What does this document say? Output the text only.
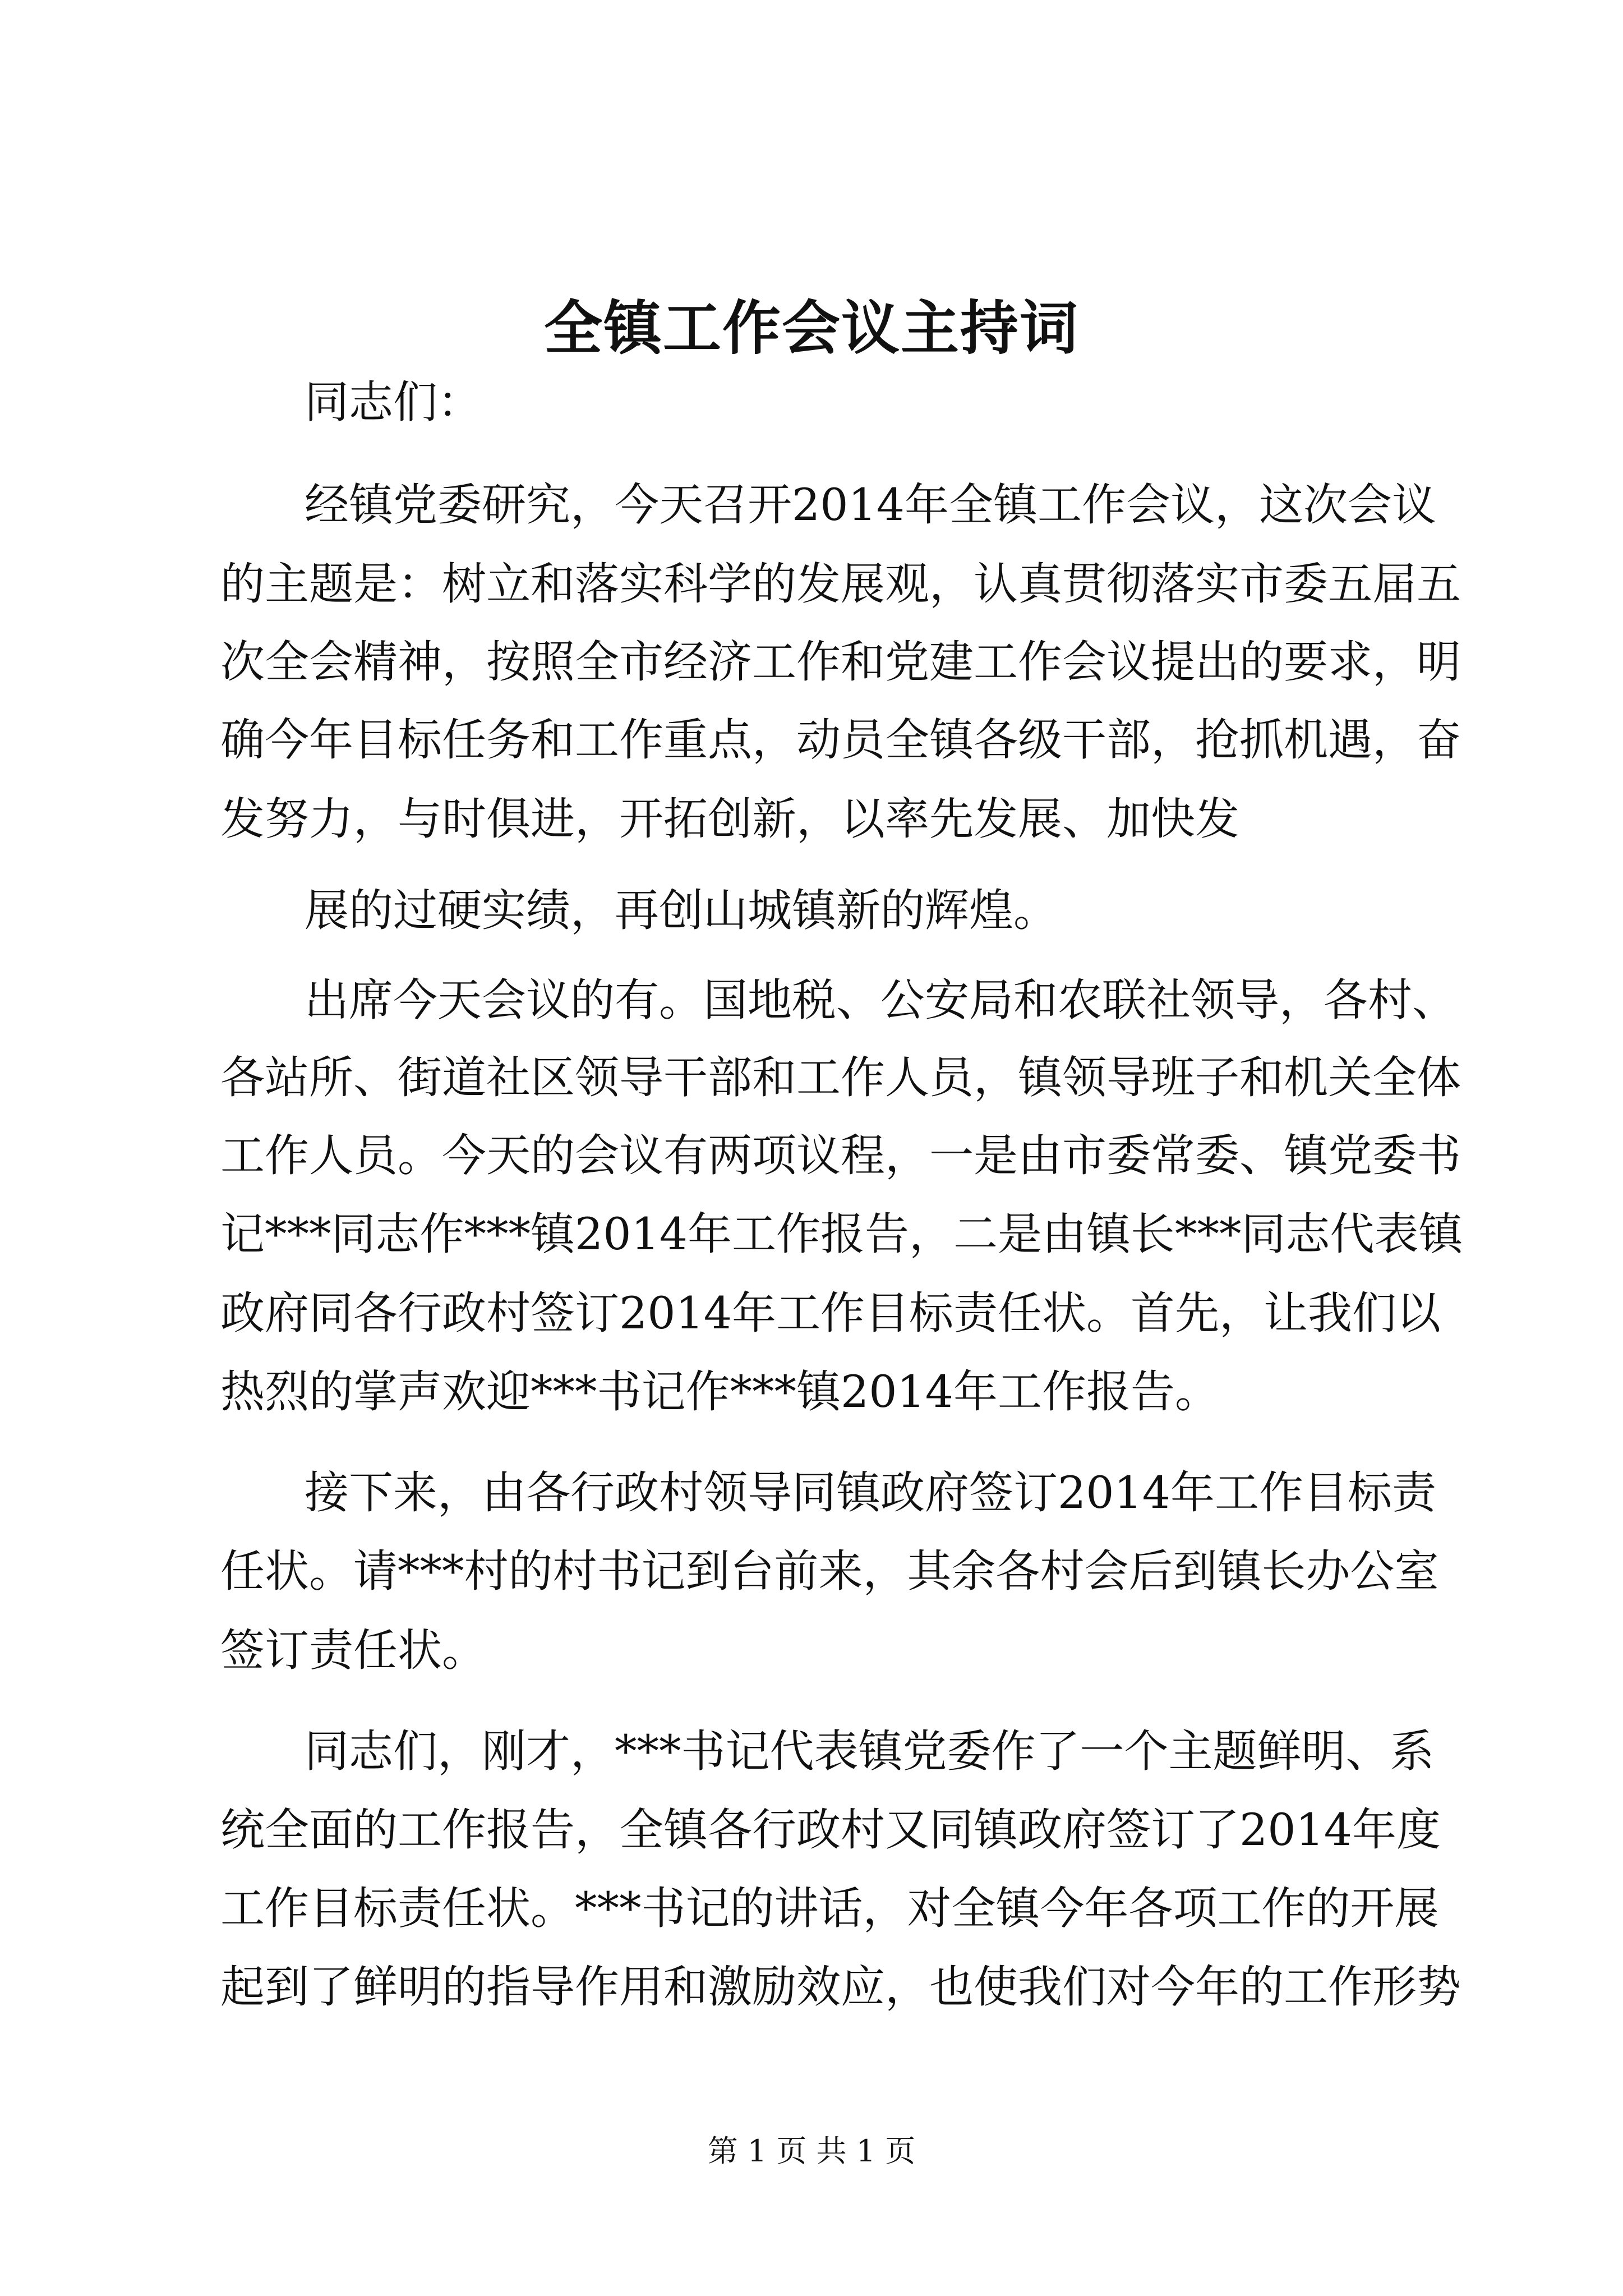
全镇工作会议主持词
同志们：
经镇党委研究，今天召开2014年全镇工作会议，这次会议
的主题是：树立和落实科学的发展观，认真贯彻落实市委五届五
次全会精神，按照全市经济工作和党建工作会议提出的要求，明
确今年目标任务和工作重点，动员全镇各级干部，抢抓机遇，奋
发努力，与时俱进，开拓创新，以率先发展、加快发
展的过硬实绩，再创山城镇新的辉煌。
出席今天会议的有。国地税、公安局和农联社领导，各村、
各站所、街道社区领导干部和工作人员，镇领导班子和机关全体
工作人员。今天的会议有两项议程，一是由市委常委、镇党委书
记***同志作***镇2014年工作报告，二是由镇长***同志代表镇
政府同各行政村签订2014年工作目标责任状。首先，让我们以
热烈的掌声欢迎***书记作***镇2014年工作报告。
接下来，由各行政村领导同镇政府签订2014年工作目标责
任状。请***村的村书记到台前来，其余各村会后到镇长办公室
签订责任状。
同志们，刚才，***书记代表镇党委作了一个主题鲜明、系
统全面的工作报告，全镇各行政村又同镇政府签订了2014年度
工作目标责任状。***书记的讲话，对全镇今年各项工作的开展
起到了鲜明的指导作用和激励效应，也使我们对今年的工作形势
第 1 页 共 1 页
